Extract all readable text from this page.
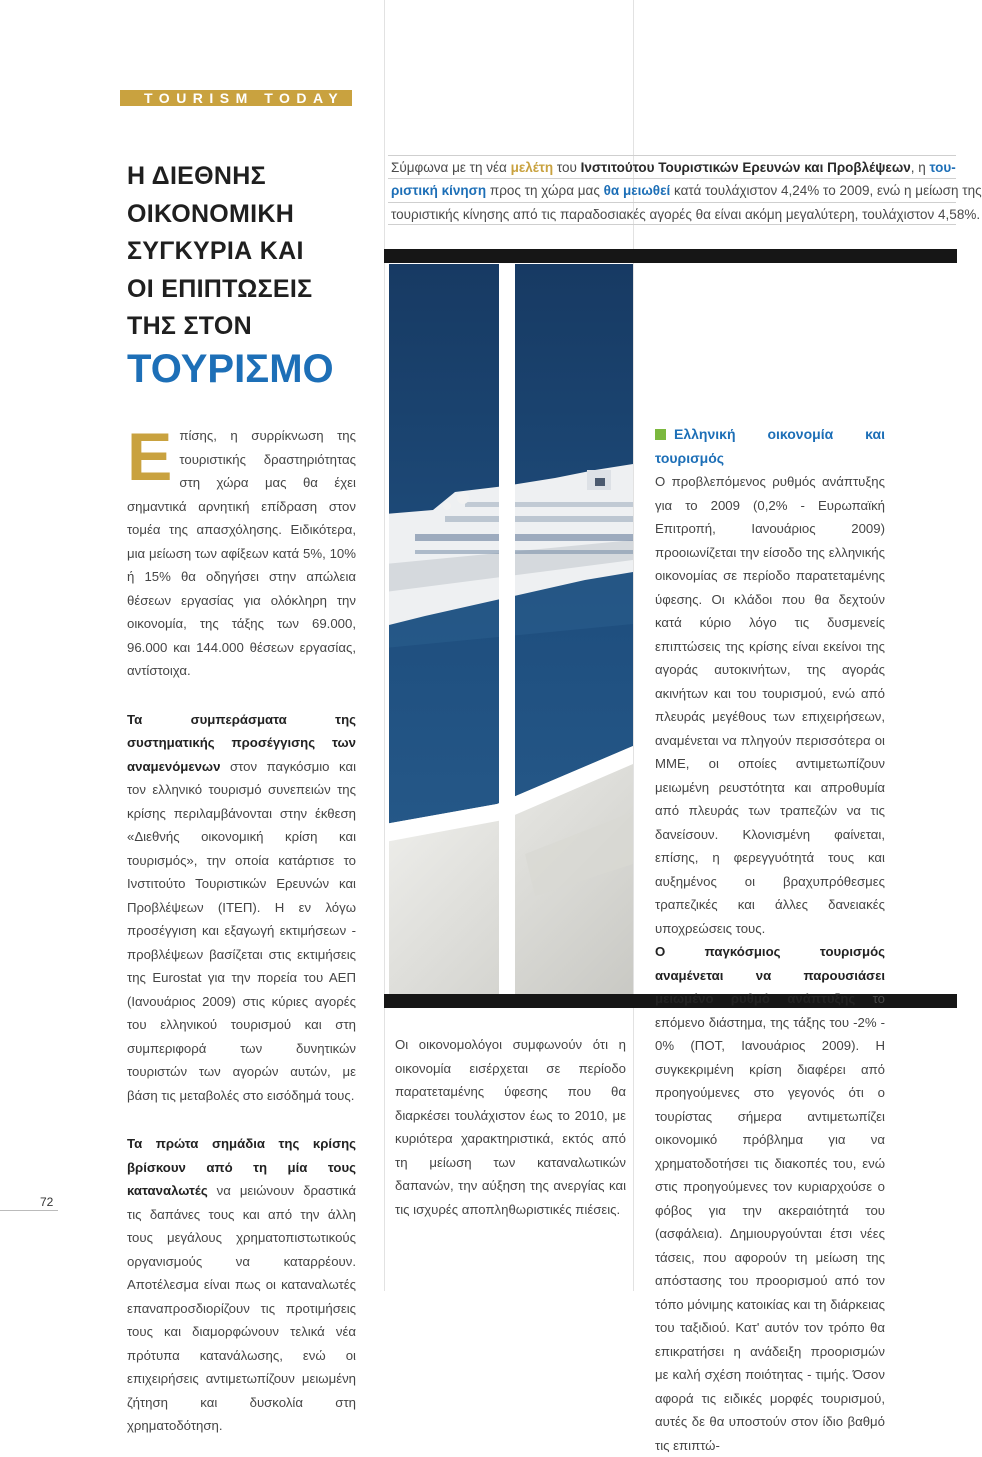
TOURISM TODAY
Η ΔΙΕΘΝΗΣ
ΟΙΚΟΝΟΜΙΚΗ
ΣΥΓΚΥΡΙΑ ΚΑΙ
ΟΙ ΕΠΙΠΤΩΣΕΙΣ
ΤΗΣ ΣΤΟΝ
ΤΟΥΡΙΣΜΟ
Σύμφωνα με τη νέα μελέτη του Ινστιτούτου Τουριστικών Ερευνών και Προβλέψεων, η του-
ριστική κίνηση προς τη χώρα μας θα μειωθεί κατά τουλάχιστον 4,24% το 2009, ενώ η μείωση της
τουριστικής κίνησης από τις παραδοσιακές αγορές θα είναι ακόμη μεγαλύτερη, τουλάχιστον 4,58%.

Επίσης, η συρρίκνωση της τουριστικής δραστηριότητας στη χώρα μας θα έχει σημαντικά αρνητική επίδραση στον τομέα της απασχόλησης. Ειδικότερα, μια μείωση των αφίξεων κατά 5%, 10% ή 15% θα οδηγήσει στην απώλεια θέσεων εργασίας για ολόκληρη την οικονομία, της τάξης των 69.000, 96.000 και 144.000 θέσεων εργασίας, αντίστοιχα.

Τα συμπεράσματα της συστηματικής προσέγγισης των αναμενόμενων στον παγκόσμιο και τον ελληνικό τουρισμό συνεπειών της κρίσης περιλαμβάνονται στην έκθεση «Διεθνής οικονομική κρίση και τουρισμός», την οποία κατάρτισε το Ινστιτούτο Τουριστικών Ερευνών και Προβλέψεων (ΙΤΕΠ). Η εν λόγω προσέγγιση και εξαγωγή εκτιμήσεων - προβλέψεων βασίζεται στις εκτιμήσεις της Eurostat για την πορεία του ΑΕΠ (Ιανουάριος 2009) στις κύριες αγορές του ελληνικού τουρισμού και στη συμπεριφορά των δυνητικών τουριστών των αγορών αυτών, με βάση τις μεταβολές στο εισόδημά τους.

Τα πρώτα σημάδια της κρίσης βρίσκουν από τη μία τους καταναλωτές να μειώνουν δραστικά τις δαπάνες τους και από την άλλη τους μεγάλους χρηματοπιστωτικούς οργανισμούς να καταρρέουν. Αποτέλεσμα είναι πως οι καταναλωτές επαναπροσδιορίζουν τις προτιμήσεις τους και διαμορφώνουν τελικά νέα πρότυπα κατανάλωσης, ενώ οι επιχειρήσεις αντιμετωπίζουν μειωμένη ζήτηση και δυσκολία στη χρηματοδότηση.

Οι οικονομολόγοι συμφωνούν ότι η οικονομία εισέρχεται σε περίοδο παρατεταμένης ύφεσης που θα διαρκέσει τουλάχιστον έως το 2010, με κυριότερα χαρακτηριστικά, εκτός από τη μείωση των καταναλωτικών δαπανών, την αύξηση της ανεργίας και τις ισχυρές αποπληθωριστικές πιέσεις.

Ελληνική οικονομία και τουρισμός

Ο προβλεπόμενος ρυθμός ανάπτυξης για το 2009 (0,2% - Ευρωπαϊκή Επιτροπή, Ιανουάριος 2009) προοιωνίζεται την είσοδο της ελληνικής οικονομίας σε περίοδο παρατεταμένης ύφεσης. Οι κλάδοι που θα δεχτούν κατά κύριο λόγο τις δυσμενείς επιπτώσεις της κρίσης είναι εκείνοι της αγοράς αυτοκινήτων, της αγοράς ακινήτων και του τουρισμού, ενώ από πλευράς μεγέθους των επιχειρήσεων, αναμένεται να πληγούν περισσότερα οι ΜΜΕ, οι οποίες αντιμετωπίζουν μειωμένη ρευστότητα και απροθυμία από πλευράς των τραπεζών να τις δανείσουν. Κλονισμένη φαίνεται, επίσης, η φερεγγυότητά τους και αυξημένος οι βραχυπρόθεσμες τραπεζικές και άλλες δανειακές υποχρεώσεις τους.

Ο παγκόσμιος τουρισμός αναμένεται να παρουσιάσει μειωμένο ρυθμό ανάπτυξης το επόμενο διάστημα, της τάξης του -2% - 0% (ΠΟΤ, Ιανουάριος 2009). Η συγκεκριμένη κρίση διαφέρει από προηγούμενες στο γεγονός ότι ο τουρίστας σήμερα αντιμετωπίζει οικονομικό πρόβλημα για να χρηματοδοτήσει τις διακοπές του, ενώ στις προηγούμενες τον κυριαρχούσε ο φόβος για την ακεραιότητά του (ασφάλεια). Δημιουργούνται έτσι νέες τάσεις, που αφορούν τη μείωση της απόστασης του προορισμού από τον τόπο μόνιμης κατοικίας και τη διάρκειας του ταξιδιού. Κατ' αυτόν τον τρόπο θα επικρατήσει η ανάδειξη προορισμών με καλή σχέση ποιότητας - τιμής. Όσον αφορά τις ειδικές μορφές τουρισμού, αυτές δε θα υποστούν στον ίδιο βαθμό τις επιπτώ-

72
